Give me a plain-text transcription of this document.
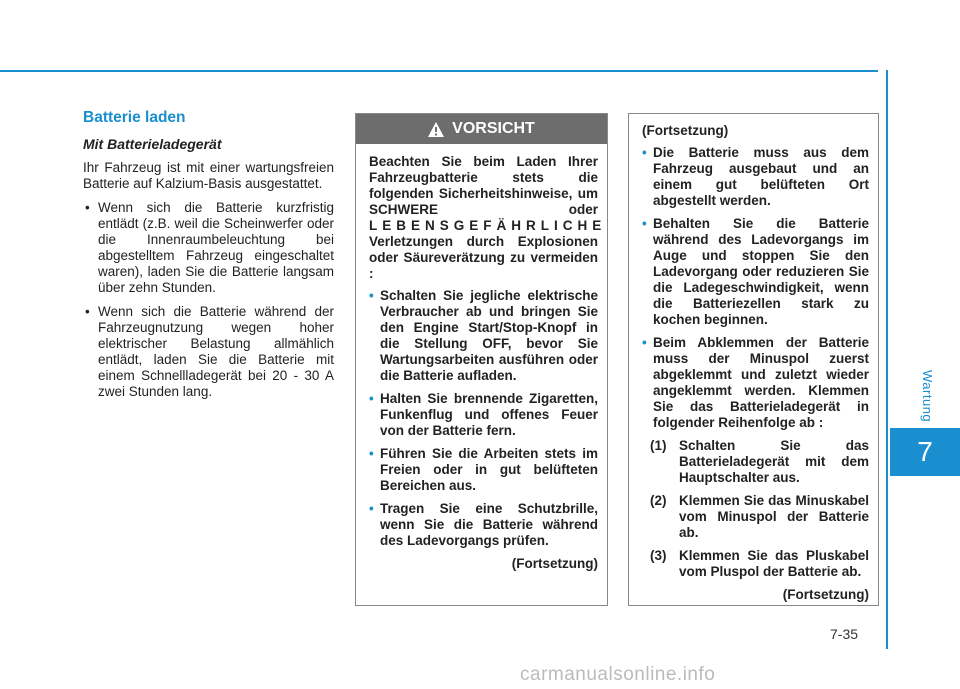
Wartung
7
Batterie laden
Mit Batterieladegerät

Ihr Fahrzeug ist mit einer wartungsfreien Batterie auf Kalzium-Basis ausgestattet.

• Wenn sich die Batterie kurzfristig entlädt (z.B. weil die Scheinwerfer oder die Innenraumbeleuchtung bei abgestelltem Fahrzeug eingeschaltet waren), laden Sie die Batterie langsam über zehn Stunden.
• Wenn sich die Batterie während der Fahrzeugnutzung wegen hoher elektrischer Belastung allmählich entlädt, laden Sie die Batterie mit einem Schnellladegerät bei 20 - 30 A zwei Stunden lang.
VORSICHT

Beachten Sie beim Laden Ihrer Fahrzeugbatterie stets die folgenden Sicherheitshinweise, um SCHWERE oder LEBENSGEFÄHRLICHE Verletzungen durch Explosionen oder Säureverätzung zu vermeiden :

• Schalten Sie jegliche elektrische Verbraucher ab und bringen Sie den Engine Start/Stop-Knopf in die Stellung OFF, bevor Sie Wartungsarbeiten ausführen oder die Batterie aufladen.
• Halten Sie brennende Zigaretten, Funkenflug und offenes Feuer von der Batterie fern.
• Führen Sie die Arbeiten stets im Freien oder in gut belüfteten Bereichen aus.
• Tragen Sie eine Schutzbrille, wenn Sie die Batterie während des Ladevorgangs prüfen.
(Fortsetzung)

(Fortsetzung)

• Die Batterie muss aus dem Fahrzeug ausgebaut und an einem gut belüfteten Ort abgestellt werden.
• Behalten Sie die Batterie während des Ladevorgangs im Auge und stoppen Sie den Ladevorgang oder reduzieren Sie die Ladegeschwindigkeit, wenn die Batteriezellen stark zu kochen beginnen.
• Beim Abklemmen der Batterie muss der Minuspol zuerst abgeklemmt und zuletzt wieder angeklemmt werden. Klemmen Sie das Batterieladegerät in folgender Reihenfolge ab :
(1) Schalten Sie das Batterieladegerät mit dem Hauptschalter aus.
(2) Klemmen Sie das Minuskabel vom Minuspol der Batterie ab.
(3) Klemmen Sie das Pluskabel vom Pluspol der Batterie ab.
(Fortsetzung)
7-35
carmanualsonline.info
